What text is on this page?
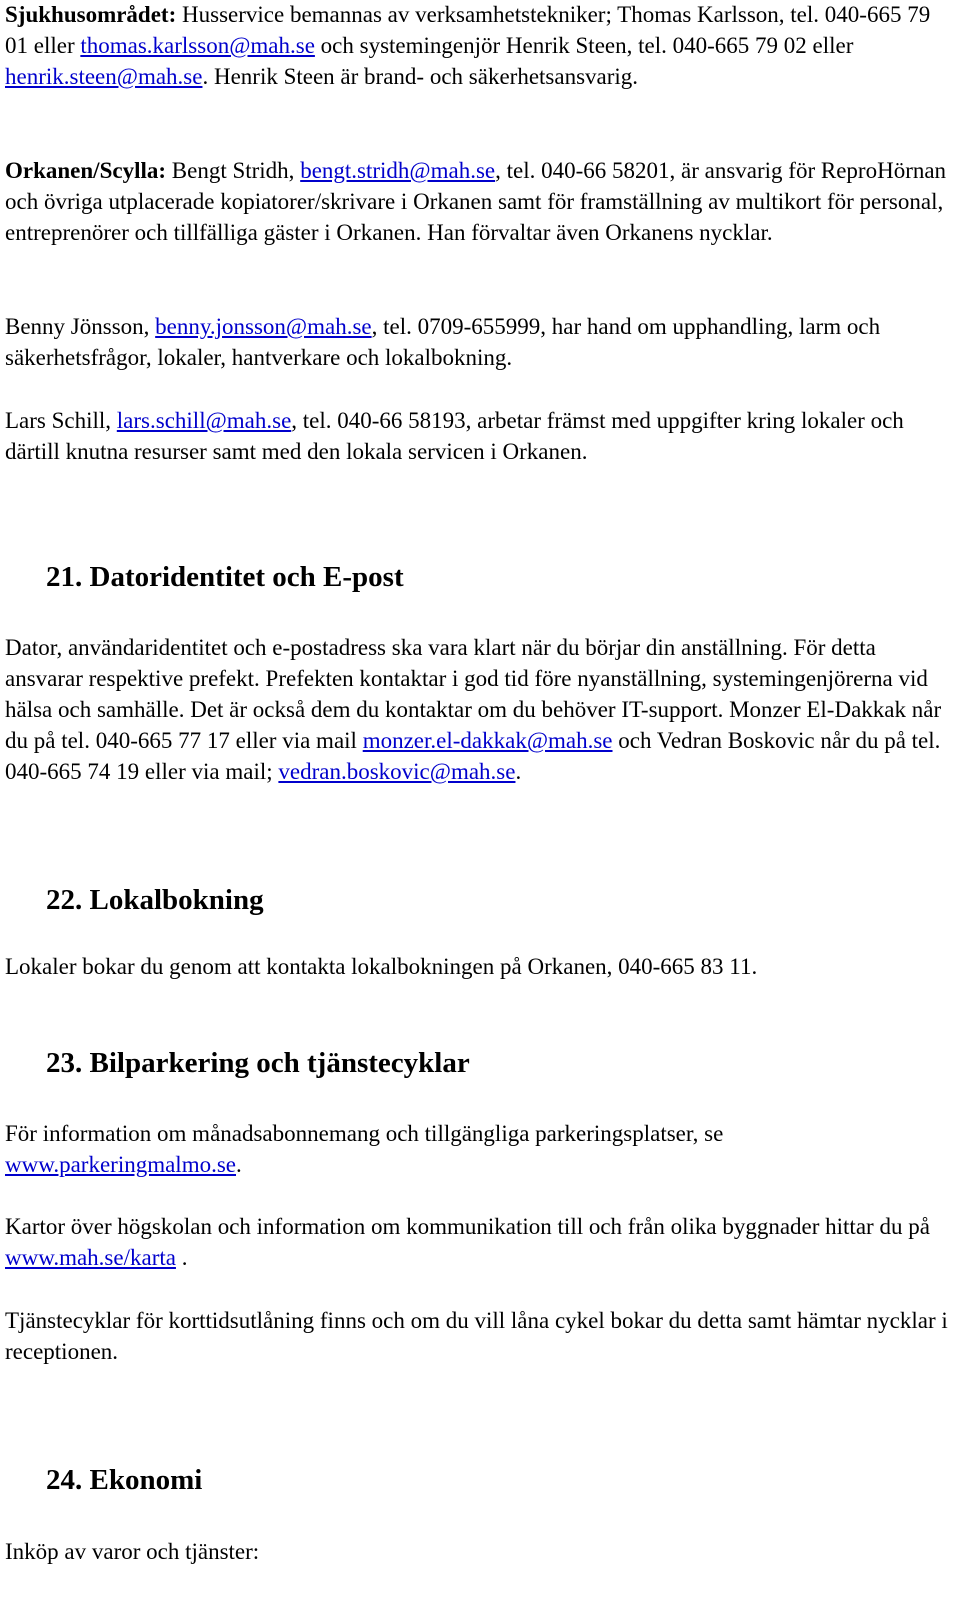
Sjukhusområdet: Husservice bemannas av verksamhetstekniker; Thomas Karlsson, tel. 040-665 79 01 eller thomas.karlsson@mah.se och systemingenjör Henrik Steen, tel. 040-665 79 02 eller henrik.steen@mah.se. Henrik Steen är brand- och säkerhetsansvarig.

Orkanen/Scylla: Bengt Stridh, bengt.stridh@mah.se, tel. 040-66 58201, är ansvarig för ReproHörnan och övriga utplacerade kopiatorer/skrivare i Orkanen samt för framställning av multikort för personal, entreprenörer och tillfälliga gäster i Orkanen. Han förvaltar även Orkanens nycklar.

Benny Jönsson, benny.jonsson@mah.se, tel. 0709-655999, har hand om upphandling, larm och säkerhetsfrågor, lokaler, hantverkare och lokalbokning.

Lars Schill, lars.schill@mah.se, tel. 040-66 58193, arbetar främst med uppgifter kring lokaler och därtill knutna resurser samt med den lokala servicen i Orkanen.

21. Datoridentitet och E-post

Dator, användaridentitet och e-postadress ska vara klart när du börjar din anställning. För detta ansvarar respektive prefekt. Prefekten kontaktar i god tid före nyanställning, systemingenjörerna vid hälsa och samhälle. Det är också dem du kontaktar om du behöver IT-support. Monzer El-Dakkak når du på tel. 040-665 77 17 eller via mail monzer.el-dakkak@mah.se och Vedran Boskovic når du på tel. 040-665 74 19 eller via mail; vedran.boskovic@mah.se.

22. Lokalbokning

Lokaler bokar du genom att kontakta lokalbokningen på Orkanen, 040-665 83 11.

23. Bilparkering och tjänstecyklar

För information om månadsabonnemang och tillgängliga parkeringsplatser, se www.parkeringmalmo.se.

Kartor över högskolan och information om kommunikation till och från olika byggnader hittar du på www.mah.se/karta .

Tjänstecyklar för korttidsutlåning finns och om du vill låna cykel bokar du detta samt hämtar nycklar i receptionen.

24. Ekonomi

Inköp av varor och tjänster:
